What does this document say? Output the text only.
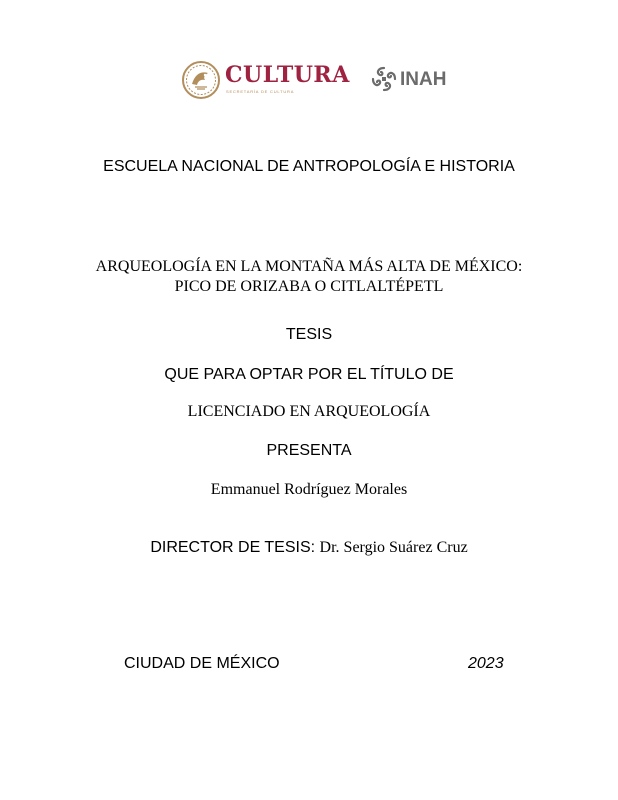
CULTURA
SECRETARÍA DE CULTURA
INAH

ESCUELA NACIONAL DE ANTROPOLOGÍA E HISTORIA

ARQUEOLOGÍA EN LA MONTAÑA MÁS ALTA DE MÉXICO:
PICO DE ORIZABA O CITLALTÉPETL

TESIS

QUE PARA OPTAR POR EL TÍTULO DE

LICENCIADO EN ARQUEOLOGÍA

PRESENTA

Emmanuel Rodríguez Morales

DIRECTOR DE TESIS: Dr. Sergio Suárez Cruz

CIUDAD DE MÉXICO	2023
